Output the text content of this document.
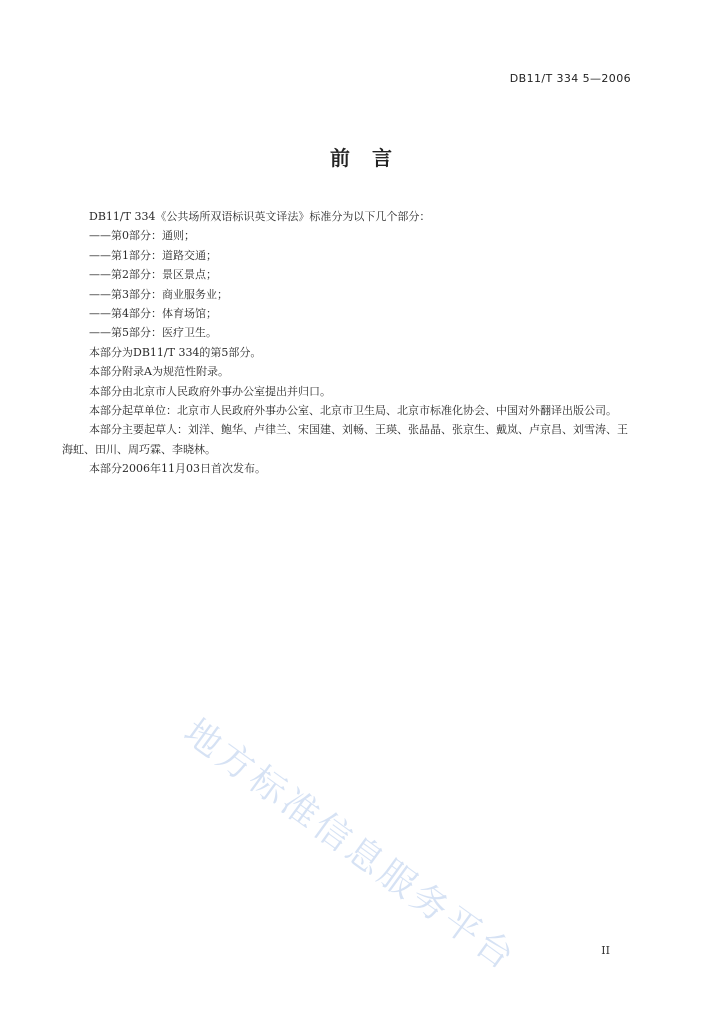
DB11/T 334 5—2006
前 言

DB11/T 334《公共场所双语标识英文译法》标准分为以下几个部分：

——第0部分：通则；

——第1部分：道路交通；

——第2部分：景区景点；

——第3部分：商业服务业；

——第4部分：体育场馆；

——第5部分：医疗卫生。

本部分为DB11/T 334的第5部分。

本部分附录A为规范性附录。

本部分由北京市人民政府外事办公室提出并归口。

本部分起草单位：北京市人民政府外事办公室、北京市卫生局、北京市标准化协会、中国对外翻译出版公司。

本部分主要起草人：刘洋、鲍华、卢律兰、宋国建、刘畅、王瑛、张晶晶、张京生、戴岚、卢京昌、刘雪涛、王海虹、田川、周巧霖、李晓林。

本部分2006年11月03日首次发布。

地方标准信息服务平台	II
